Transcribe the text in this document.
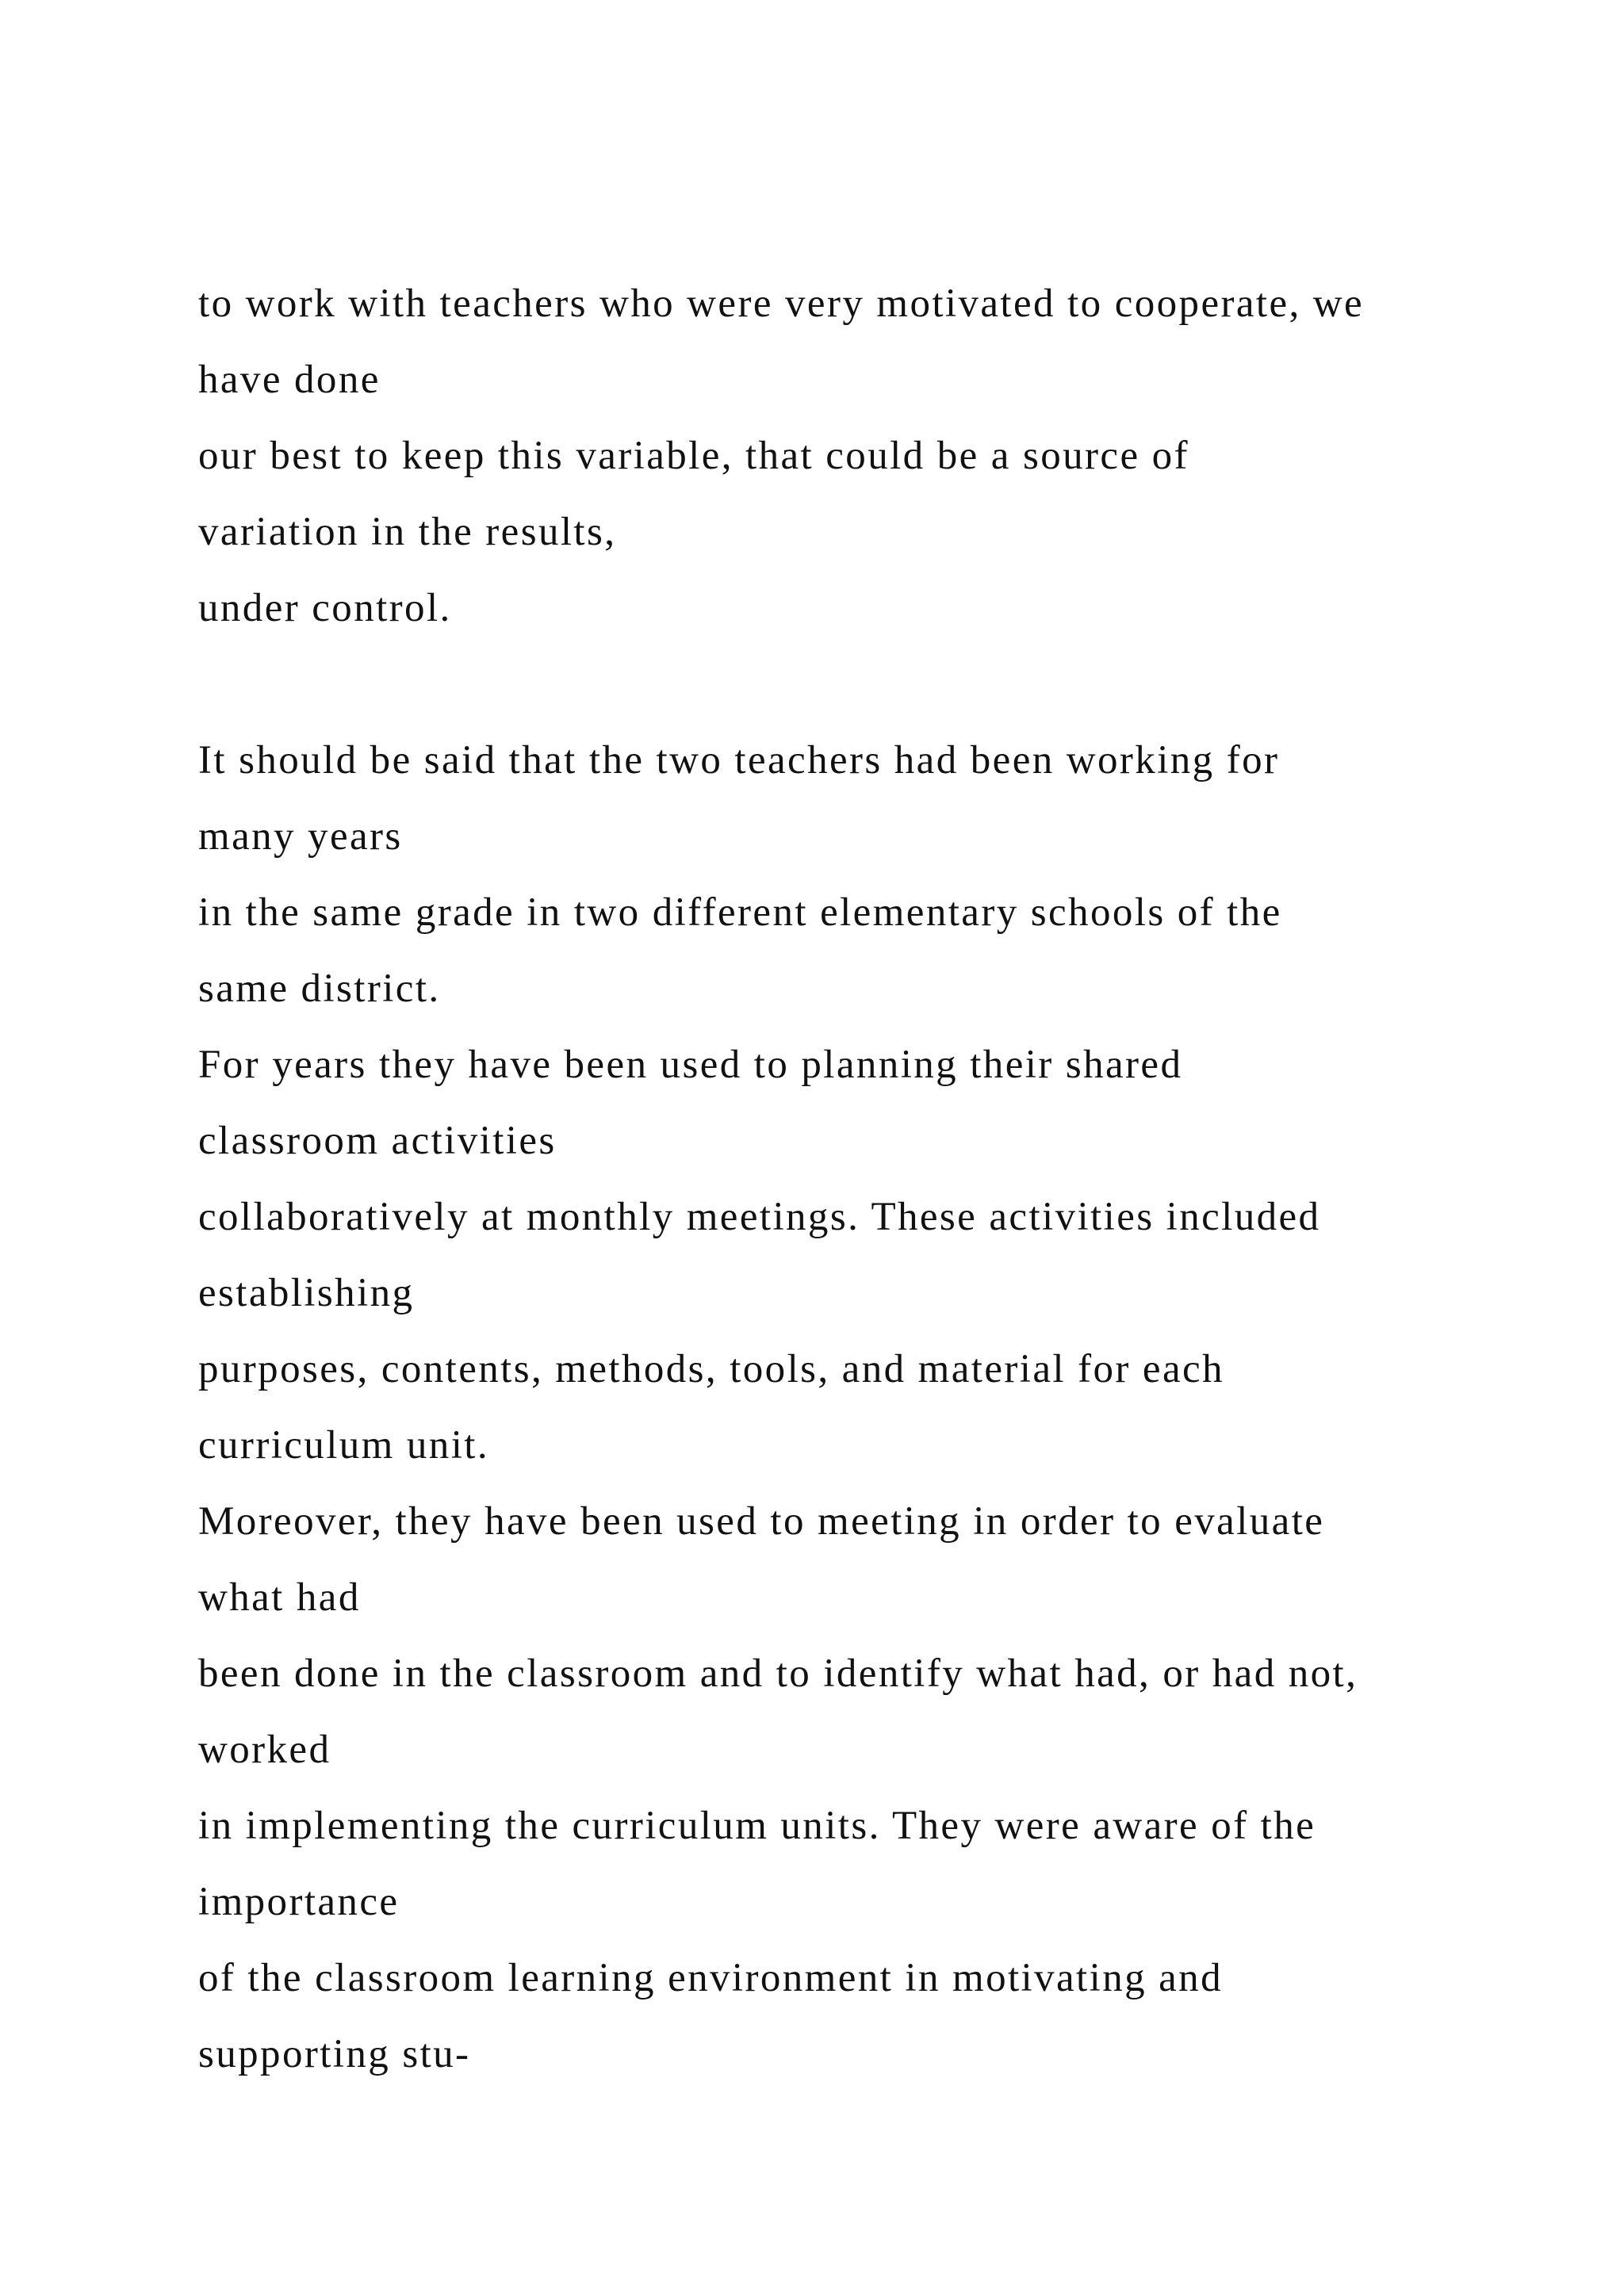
to work with teachers who were very motivated to cooperate, we
have done
our best to keep this variable, that could be a source of
variation in the results,
under control.
It should be said that the two teachers had been working for
many years
in the same grade in two different elementary schools of the
same district.
For years they have been used to planning their shared
classroom activities
collaboratively at monthly meetings. These activities included
establishing
purposes, contents, methods, tools, and material for each
curriculum unit.
Moreover, they have been used to meeting in order to evaluate
what had
been done in the classroom and to identify what had, or had not,
worked
in implementing the curriculum units. They were aware of the
importance
of the classroom learning environment in motivating and
supporting stu-
